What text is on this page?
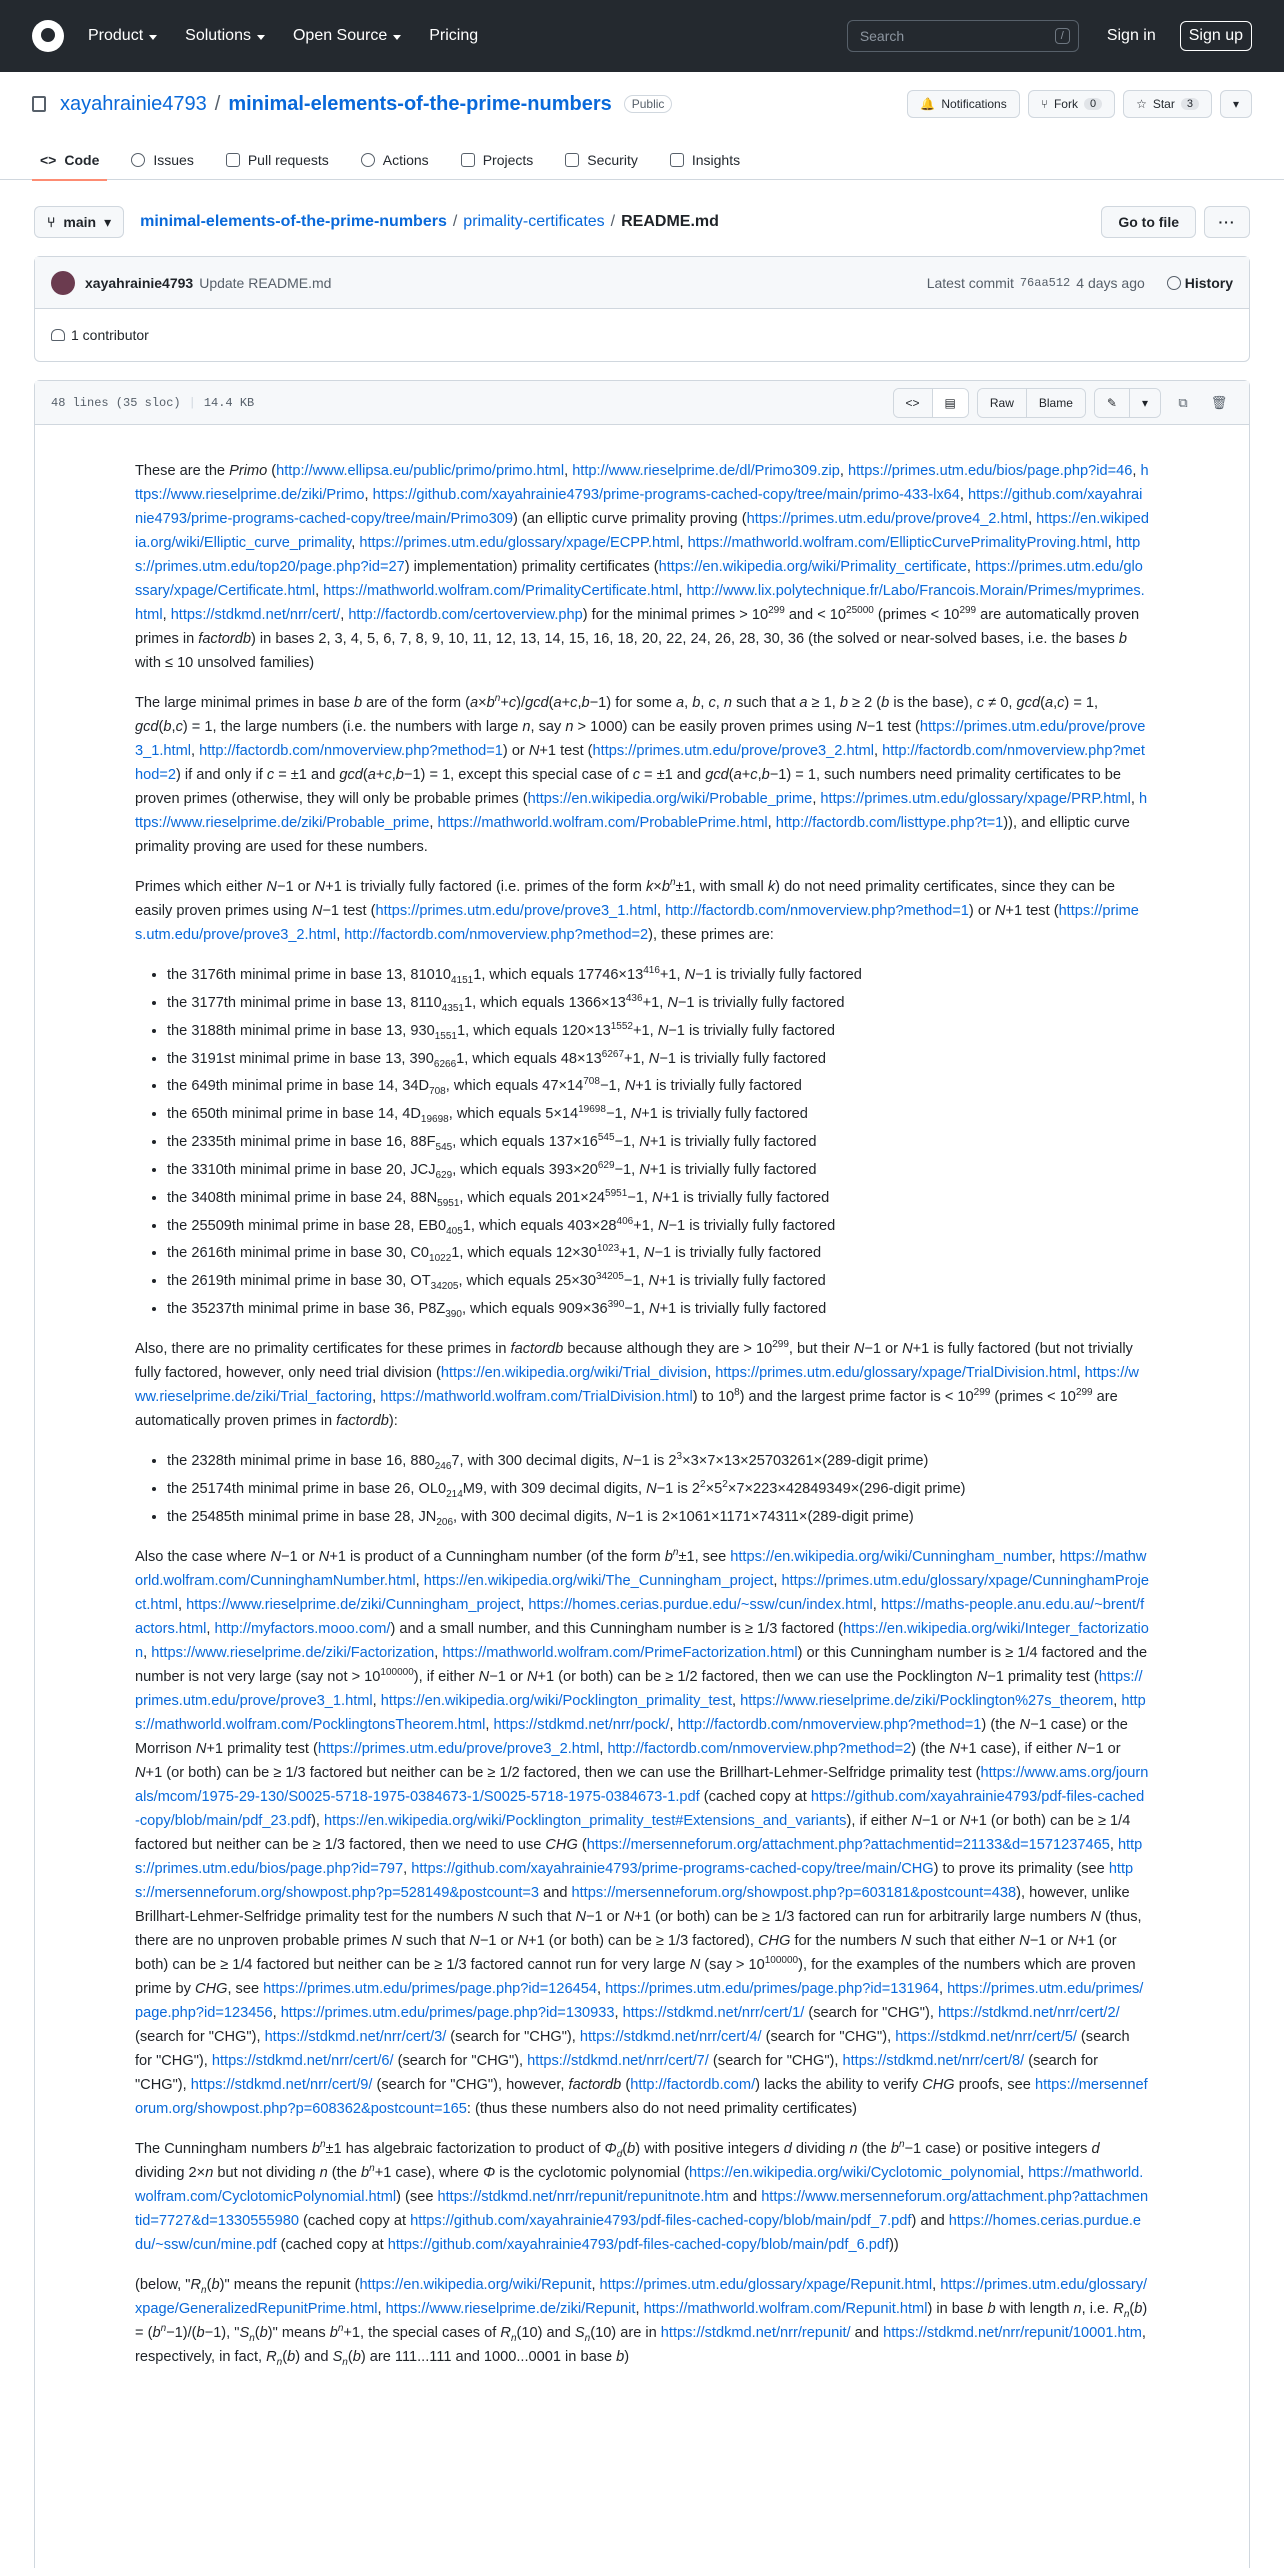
Product	Solutions	Open Source	Pricing	Search	/	Sign in	Sign up
xayahrainie4793 / minimal-elements-of-the-prime-numbers	Public	🔔 Notifications	⑂ Fork	0	☆ Star	3	▾
<> Code	Issues	Pull requests	Actions	Projects	Security	Insights
⑂ main ▾ minimal-elements-of-the-prime-numbers / primality-certificates / README.md	Go to file	···
xayahrainie4793 Update README.md	Latest commit 76aa512 4 days ago	History
1 contributor
48 lines (35 sloc) | 14.4 KB	<> ▤	Raw	Blame	✎ ▾ ⧉ 🗑

These are the Primo (http://www.ellipsa.eu/public/primo/primo.html, http://www.rieselprime.de/dl/Primo309.zip, https://primes.utm.edu/bios/page.php?id=46, https://www.rieselprime.de/ziki/Primo, https://github.com/xayahrainie4793/prime-programs-cached-copy/tree/main/primo-433-lx64, https://github.com/xayahrainie4793/prime-programs-cached-copy/tree/main/Primo309) (an elliptic curve primality proving (https://primes.utm.edu/prove/prove4_2.html, https://en.wikipedia.org/wiki/Elliptic_curve_primality, https://primes.utm.edu/glossary/xpage/ECPP.html, https://mathworld.wolfram.com/EllipticCurvePrimalityProving.html, https://primes.utm.edu/top20/page.php?id=27) implementation) primality certificates (https://en.wikipedia.org/wiki/Primality_certificate, https://primes.utm.edu/glossary/xpage/Certificate.html, https://mathworld.wolfram.com/PrimalityCertificate.html, http://www.lix.polytechnique.fr/Labo/Francois.Morain/Primes/myprimes.html, https://stdkmd.net/nrr/cert/, http://factordb.com/certoverview.php) for the minimal primes > $10^{299}$ and < $10^{25000}$ (primes < $10^{299}$ are automatically proven primes in factordb) in bases 2, 3, 4, 5, 6, 7, 8, 9, 10, 11, 12, 13, 14, 15, 16, 18, 20, 22, 24, 26, 28, 30, 36 (the solved or near-solved bases, i.e. the bases b with ≤ 10 unsolved families)

The large minimal primes in base b are of the form $(a\times b^n+c)/\gcd(a+c,b-1)$ for some a, b, c, n such that a ≥ 1, b ≥ 2 (b is the base), c ≠ 0, gcd(a,c) = 1, gcd(b,c) = 1, the large numbers (i.e. the numbers with large n, say n > 1000) can be easily proven primes using N−1 test (https://primes.utm.edu/prove/prove3_1.html, http://factordb.com/nmoverview.php?method=1) or N+1 test (https://primes.utm.edu/prove/prove3_2.html, http://factordb.com/nmoverview.php?method=2) if and only if c = ±1 and gcd(a+c,b−1) = 1, except this special case of c = ±1 and gcd(a+c,b−1) = 1, such numbers need primality certificates to be proven primes (otherwise, they will only be probable primes (https://en.wikipedia.org/wiki/Probable_prime, https://primes.utm.edu/glossary/xpage/PRP.html, https://www.rieselprime.de/ziki/Probable_prime, https://mathworld.wolfram.com/ProbablePrime.html, http://factordb.com/listtype.php?t=1)), and elliptic curve primality proving are used for these numbers.

Primes which either N−1 or N+1 is trivially fully factored (i.e. primes of the form $k\times b^n\pm 1$, with small k) do not need primality certificates, since they can be easily proven primes using N−1 test (https://primes.utm.edu/prove/prove3_1.html, http://factordb.com/nmoverview.php?method=1) or N+1 test (https://primes.utm.edu/prove/prove3_2.html, http://factordb.com/nmoverview.php?method=2), these primes are:

• the 3176th minimal prime in base 13, $81010_{4151}1$, which equals $17746\times 13^{416}+1$, N−1 is trivially fully factored
• the 3177th minimal prime in base 13, $8110_{4351}1$, which equals $1366\times 13^{436}+1$, N−1 is trivially fully factored
• the 3188th minimal prime in base 13, $930_{1551}1$, which equals $120\times 13^{1552}+1$, N−1 is trivially fully factored
• the 3191st minimal prime in base 13, $390_{6266}1$, which equals $48\times 13^{6267}+1$, N−1 is trivially fully factored
• the 649th minimal prime in base 14, $34D_{708}$, which equals $47\times 14^{708}-1$, N+1 is trivially fully factored
• the 650th minimal prime in base 14, $4D_{19698}$, which equals $5\times 14^{19698}-1$, N+1 is trivially fully factored
• the 2335th minimal prime in base 16, $88F_{545}$, which equals $137\times 16^{545}-1$, N+1 is trivially fully factored
• the 3310th minimal prime in base 20, $JCJ_{629}$, which equals $393\times 20^{629}-1$, N+1 is trivially fully factored
• the 3408th minimal prime in base 24, $88N_{5951}$, which equals $201\times 24^{5951}-1$, N+1 is trivially fully factored
• the 25509th minimal prime in base 28, $EB0_{405}1$, which equals $403\times 28^{406}+1$, N−1 is trivially fully factored
• the 2616th minimal prime in base 30, $C0_{1022}1$, which equals $12\times 30^{1023}+1$, N−1 is trivially fully factored
• the 2619th minimal prime in base 30, $OT_{34205}$, which equals $25\times 30^{34205}-1$, N+1 is trivially fully factored
• the 35237th minimal prime in base 36, $P8Z_{390}$, which equals $909\times 36^{390}-1$, N+1 is trivially fully factored

Also, there are no primality certificates for these primes in factordb because although they are > $10^{299}$, but their N−1 or N+1 is fully factored (but not trivially fully factored, however, only need trial division (https://en.wikipedia.org/wiki/Trial_division, https://primes.utm.edu/glossary/xpage/TrialDivision.html, https://www.rieselprime.de/ziki/Trial_factoring, https://mathworld.wolfram.com/TrialDivision.html) to $10^8$) and the largest prime factor is < $10^{299}$ (primes < $10^{299}$ are automatically proven primes in factordb):

• the 2328th minimal prime in base 16, $880_{246}7$, with 300 decimal digits, N−1 is $2^3\times 3\times 7\times 13\times 25703261\times(289$-digit prime)
• the 25174th minimal prime in base 26, $OL0_{214}M9$, with 309 decimal digits, N−1 is $2^2\times 5^2\times 7\times 223\times 42849349\times(296$-digit prime)
• the 25485th minimal prime in base 28, $JN_{206}$, with 300 decimal digits, N−1 is 2×1061×1171×74311×(289-digit prime)

Also the case where N−1 or N+1 is product of a Cunningham number (of the form $b^n\pm 1$, see https://en.wikipedia.org/wiki/Cunningham_number, https://mathworld.wolfram.com/CunninghamNumber.html, https://en.wikipedia.org/wiki/The_Cunningham_project, https://primes.utm.edu/glossary/xpage/CunninghamProject.html, https://www.rieselprime.de/ziki/Cunningham_project, https://homes.cerias.purdue.edu/~ssw/cun/index.html, https://maths-people.anu.edu.au/~brent/factors.html, http://myfactors.mooo.com/) and a small number, and this Cunningham number is ≥ 1/3 factored (https://en.wikipedia.org/wiki/Integer_factorization, https://www.rieselprime.de/ziki/Factorization, https://mathworld.wolfram.com/PrimeFactorization.html) or this Cunningham number is ≥ 1/4 factored and the number is not very large (say not > $10^{100000}$), if either N−1 or N+1 (or both) can be ≥ 1/2 factored, then we can use the Pocklington N−1 primality test (https://primes.utm.edu/prove/prove3_1.html, https://en.wikipedia.org/wiki/Pocklington_primality_test, https://www.rieselprime.de/ziki/Pocklington%27s_theorem, https://mathworld.wolfram.com/PocklingtonsTheorem.html, https://stdkmd.net/nrr/pock/, http://factordb.com/nmoverview.php?method=1) (the N−1 case) or the Morrison N+1 primality test (https://primes.utm.edu/prove/prove3_2.html, http://factordb.com/nmoverview.php?method=2) (the N+1 case), if either N−1 or N+1 (or both) can be ≥ 1/3 factored but neither can be ≥ 1/2 factored, then we can use the Brillhart-Lehmer-Selfridge primality test (https://www.ams.org/journals/mcom/1975-29-130/S0025-5718-1975-0384673-1/S0025-5718-1975-0384673-1.pdf (cached copy at https://github.com/xayahrainie4793/pdf-files-cached-copy/blob/main/pdf_23.pdf), https://en.wikipedia.org/wiki/Pocklington_primality_test#Extensions_and_variants), if either N−1 or N+1 (or both) can be ≥ 1/4 factored but neither can be ≥ 1/3 factored, then we need to use CHG (https://mersenneforum.org/attachment.php?attachmentid=21133&d=1571237465, https://primes.utm.edu/bios/page.php?id=797, https://github.com/xayahrainie4793/prime-programs-cached-copy/tree/main/CHG) to prove its primality (see https://mersenneforum.org/showpost.php?p=528149&postcount=3 and https://mersenneforum.org/showpost.php?p=603181&postcount=438), however, unlike Brillhart-Lehmer-Selfridge primality test for the numbers N such that N−1 or N+1 (or both) can be ≥ 1/3 factored can run for arbitrarily large numbers N (thus, there are no unproven probable primes N such that N−1 or N+1 (or both) can be ≥ 1/3 factored), CHG for the numbers N such that either N−1 or N+1 (or both) can be ≥ 1/4 factored but neither can be ≥ 1/3 factored cannot run for very large N $(say > 10^{100000})$, for the examples of the numbers which are proven prime by CHG, see https://primes.utm.edu/primes/page.php?id=126454, https://primes.utm.edu/primes/page.php?id=131964, https://primes.utm.edu/primes/page.php?id=123456, https://primes.utm.edu/primes/page.php?id=130933, https://stdkmd.net/nrr/cert/1/ (search for "CHG"), https://stdkmd.net/nrr/cert/2/ (search for "CHG"), https://stdkmd.net/nrr/cert/3/ (search for "CHG"), https://stdkmd.net/nrr/cert/4/ (search for "CHG"), https://stdkmd.net/nrr/cert/5/ (search for "CHG"), https://stdkmd.net/nrr/cert/6/ (search for "CHG"), https://stdkmd.net/nrr/cert/7/ (search for "CHG"), https://stdkmd.net/nrr/cert/8/ (search for "CHG"), https://stdkmd.net/nrr/cert/9/ (search for "CHG"), however, factordb (http://factordb.com/) lacks the ability to verify CHG proofs, see https://mersenneforum.org/showpost.php?p=608362&postcount=165: (thus these numbers also do not need primality certificates)

The Cunningham numbers $b^n\pm 1$ has algebraic factorization to product of $\Phi_d(b)$ with positive integers d dividing n (the $b^n-1$ case) or positive integers d dividing 2×n but not dividing n (the $b^n+1$ case), where Φ is the cyclotomic polynomial (https://en.wikipedia.org/wiki/Cyclotomic_polynomial, https://mathworld.wolfram.com/CyclotomicPolynomial.html) (see https://stdkmd.net/nrr/repunit/repunitnote.htm and https://www.mersenneforum.org/attachment.php?attachmentid=7727&d=1330555980 (cached copy at https://github.com/xayahrainie4793/pdf-files-cached-copy/blob/main/pdf_7.pdf) and https://homes.cerias.purdue.edu/~ssw/cun/mine.pdf (cached copy at https://github.com/xayahrainie4793/pdf-files-cached-copy/blob/main/pdf_6.pdf))

(below, "$R_n(b)$" means the repunit (https://en.wikipedia.org/wiki/Repunit, https://primes.utm.edu/glossary/xpage/Repunit.html, https://primes.utm.edu/glossary/xpage/GeneralizedRepunitPrime.html, https://www.rieselprime.de/ziki/Repunit, https://mathworld.wolfram.com/Repunit.html) in base b with length n, i.e. $R_n(b) = (b^n-1)/(b-1)$, "$S_n(b)$" means $b^n+1$, the special cases of $R_n(10)$ and $S_n(10)$ are in https://stdkmd.net/nrr/repunit/ and https://stdkmd.net/nrr/repunit/10001.htm, respectively, in fact, $R_n(b)$ and $S_n(b)$ are 111...111 and 1000...0001 in base b)
